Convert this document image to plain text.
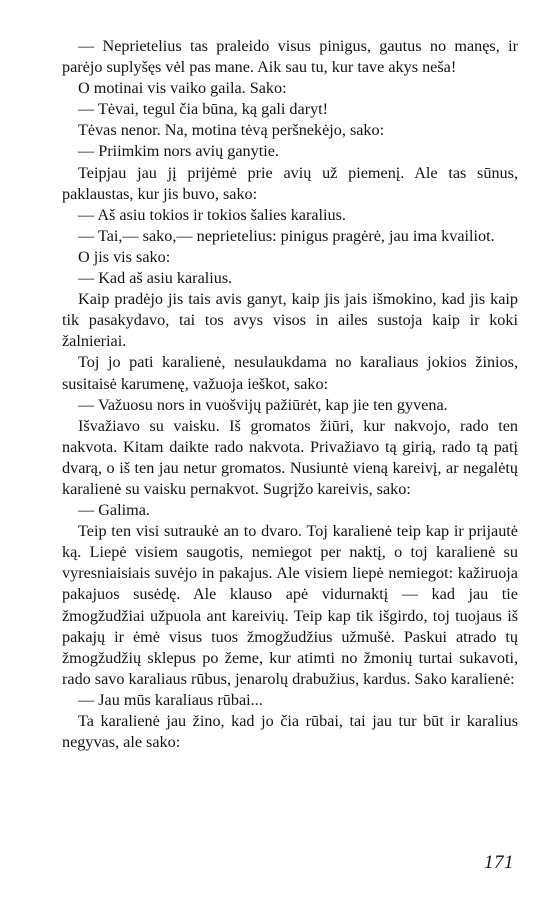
— Neprietelius tas praleido visus pinigus, gautus no manęs, ir parėjo suplyšęs vėl pas mane. Aik sau tu, kur tave akys neša!

O motinai vis vaiko gaila. Sako:

— Tėvai, tegul čia būna, ką gali daryt!

Tėvas nenor. Na, motina tėvą peršnekėjo, sako:

— Priimkim nors avių ganytie.

Teipjau jau jį prijėmė prie avių už piemenį. Ale tas sūnus, paklaustas, kur jis buvo, sako:

— Aš asiu tokios ir tokios šalies karalius.

— Tai,— sako,— neprietelius: pinigus pragėrė, jau ima kvailiot.

O jis vis sako:

— Kad aš asiu karalius.

Kaip pradėjo jis tais avis ganyt, kaip jis jais išmokino, kad jis kaip tik pasakydavo, tai tos avys visos in ailes sustoja kaip ir koki žalnieriai.

Toj jo pati karalienė, nesulaukdama no karaliaus jokios žinios, susitaisė karumenę, važuoja ieškot, sako:

— Važuosu nors in vuošvijų pažiūrėt, kap jie ten gyvena.

Išvažiavo su vaisku. Iš gromatos žiūri, kur nakvojo, rado ten nakvota. Kitam daikte rado nakvota. Privažiavo tą girią, rado tą patį dvarą, o iš ten jau netur gromatos. Nusiuntė vieną kareivį, ar negalėtų karalienė su vaisku pernakvot. Sugrįžo kareivis, sako:

— Galima.

Teip ten visi sutraukė an to dvaro. Toj karalienė teip kap ir prijautė ką. Liepė visiem saugotis, nemiegot per naktį, o toj karalienė su vyresniaisiais suvėjo in pakajus. Ale visiem liepė nemiegot: kažiruoja pakajuos susėdę. Ale klauso apė vidurnaktį — kad jau tie žmogžudžiai užpuola ant kareivių. Teip kap tik išgirdo, toj tuojaus iš pakajų ir ėmė visus tuos žmogžudžius užmušė. Paskui atrado tų žmogžudžių sklepus po žeme, kur atimti no žmonių turtai sukavoti, rado savo karaliaus rūbus, jenarolų drabužius, kardus. Sako karalienė:

— Jau mūs karaliaus rūbai...

Ta karalienė jau žino, kad jo čia rūbai, tai jau tur būt ir karalius negyvas, ale sako:

171
